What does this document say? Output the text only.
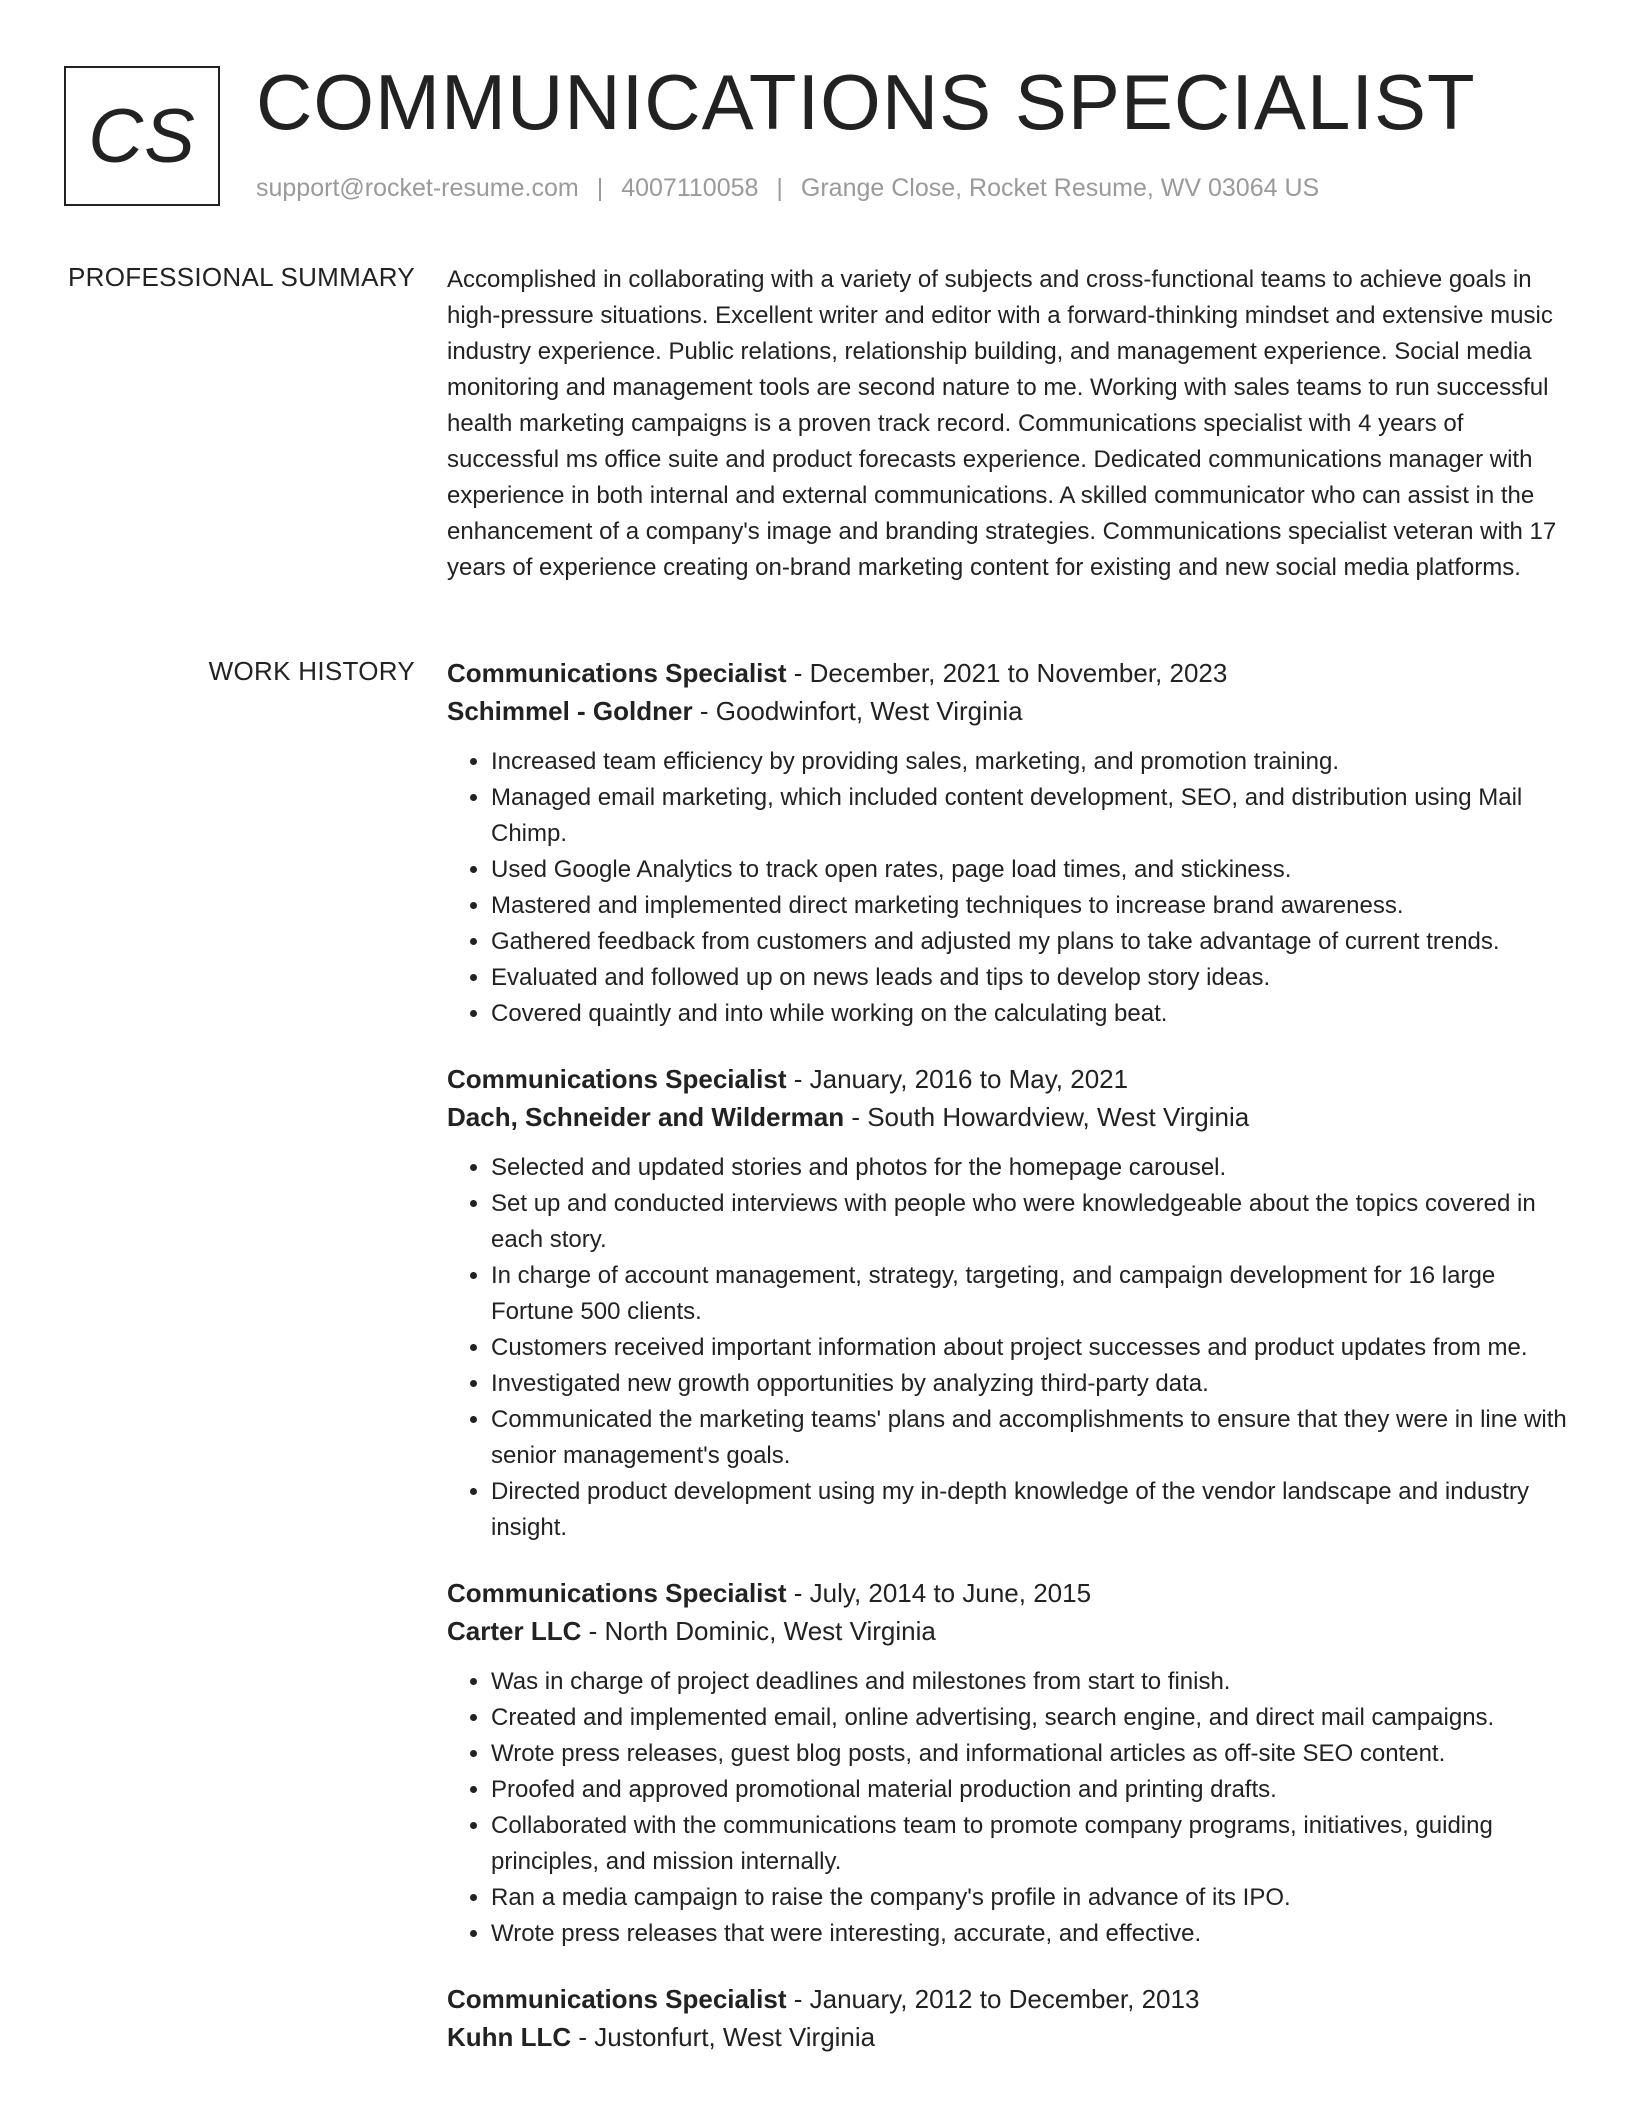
CS COMMUNICATIONS SPECIALIST
support@rocket-resume.com | 4007110058 | Grange Close, Rocket Resume, WV 03064 US
PROFESSIONAL SUMMARY Accomplished in collaborating with a variety of subjects and cross-functional teams to achieve goals in high-pressure situations. Excellent writer and editor with a forward-thinking mindset and extensive music industry experience. Public relations, relationship building, and management experience. Social media monitoring and management tools are second nature to me. Working with sales teams to run successful health marketing campaigns is a proven track record. Communications specialist with 4 years of successful ms office suite and product forecasts experience. Dedicated communications manager with experience in both internal and external communications. A skilled communicator who can assist in the enhancement of a company's image and branding strategies. Communications specialist veteran with 17 years of experience creating on-brand marketing content for existing and new social media platforms.

WORK HISTORY Communications Specialist - December, 2021 to November, 2023
Schimmel - Goldner - Goodwinfort, West Virginia
• Increased team efficiency by providing sales, marketing, and promotion training.
• Managed email marketing, which included content development, SEO, and distribution using Mail Chimp.
• Used Google Analytics to track open rates, page load times, and stickiness.
• Mastered and implemented direct marketing techniques to increase brand awareness.
• Gathered feedback from customers and adjusted my plans to take advantage of current trends.
• Evaluated and followed up on news leads and tips to develop story ideas.
• Covered quaintly and into while working on the calculating beat.
Communications Specialist - January, 2016 to May, 2021
Dach, Schneider and Wilderman - South Howardview, West Virginia
• Selected and updated stories and photos for the homepage carousel.
• Set up and conducted interviews with people who were knowledgeable about the topics covered in each story.
• In charge of account management, strategy, targeting, and campaign development for 16 large Fortune 500 clients.
• Customers received important information about project successes and product updates from me.
• Investigated new growth opportunities by analyzing third-party data.
• Communicated the marketing teams' plans and accomplishments to ensure that they were in line with senior management's goals.
• Directed product development using my in-depth knowledge of the vendor landscape and industry insight.
Communications Specialist - July, 2014 to June, 2015
Carter LLC - North Dominic, West Virginia
• Was in charge of project deadlines and milestones from start to finish.
• Created and implemented email, online advertising, search engine, and direct mail campaigns.
• Wrote press releases, guest blog posts, and informational articles as off-site SEO content.
• Proofed and approved promotional material production and printing drafts.
• Collaborated with the communications team to promote company programs, initiatives, guiding principles, and mission internally.
• Ran a media campaign to raise the company's profile in advance of its IPO.
• Wrote press releases that were interesting, accurate, and effective.
Communications Specialist - January, 2012 to December, 2013
Kuhn LLC - Justonfurt, West Virginia
